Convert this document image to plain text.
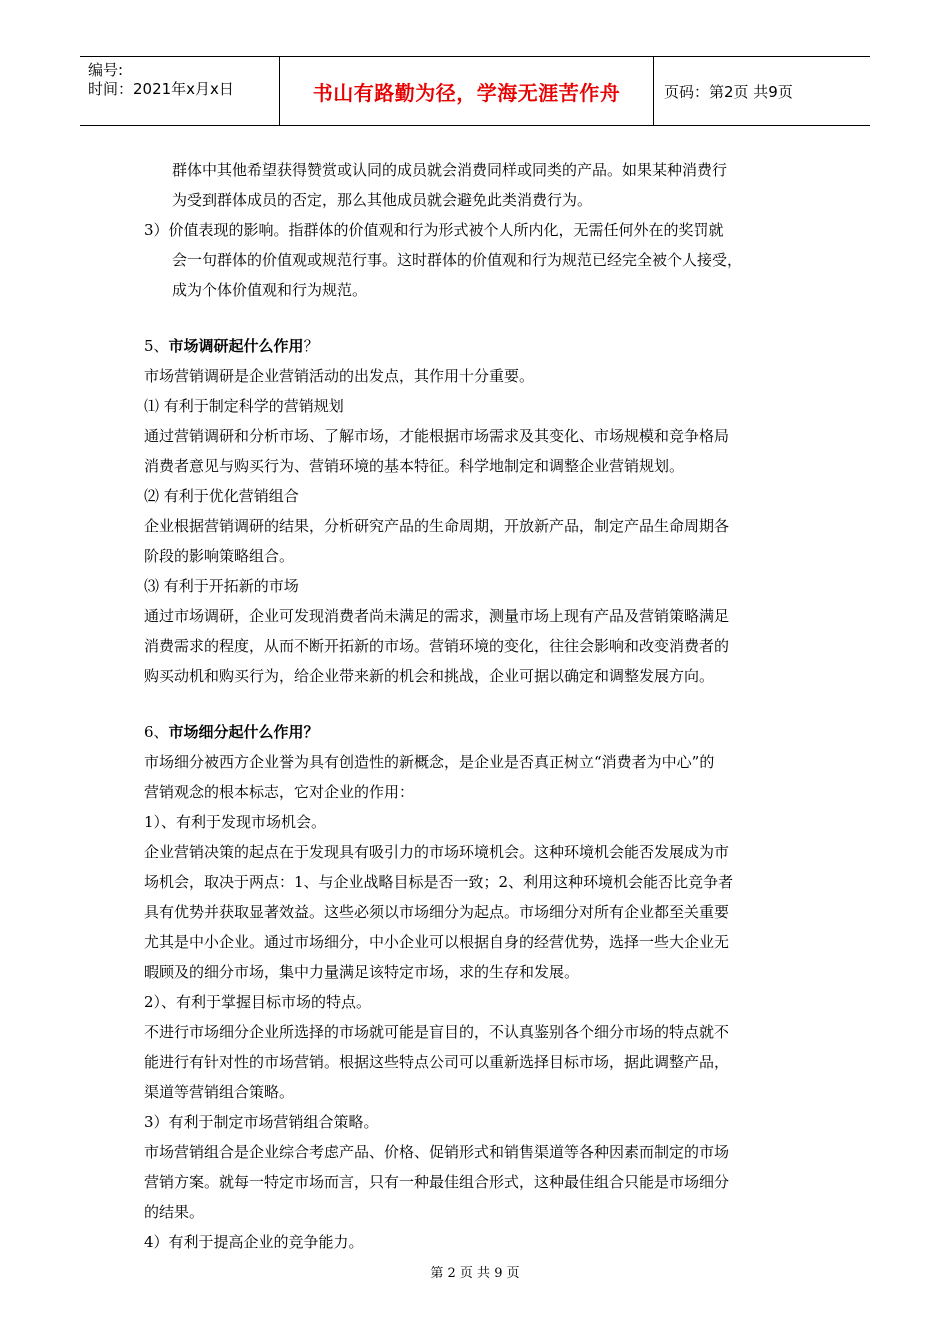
编号:
时间：2021年x月x日	书山有路勤为径，学海无涯苦作舟	页码：第2页 共9页

群体中其他希望获得赞赏或认同的成员就会消费同样或同类的产品。如果某种消费行

为受到群体成员的否定，那么其他成员就会避免此类消费行为。

3）价值表现的影响。指群体的价值观和行为形式被个人所内化，无需任何外在的奖罚就

会一句群体的价值观或规范行事。这时群体的价值观和行为规范已经完全被个人接受，

成为个体价值观和行为规范。

5、市场调研起什么作用？

市场营销调研是企业营销活动的出发点，其作用十分重要。

⑴ 有利于制定科学的营销规划

通过营销调研和分析市场、了解市场，才能根据市场需求及其变化、市场规模和竞争格局

消费者意见与购买行为、营销环境的基本特征。科学地制定和调整企业营销规划。

⑵ 有利于优化营销组合

企业根据营销调研的结果，分析研究产品的生命周期，开放新产品，制定产品生命周期各

阶段的影响策略组合。

⑶ 有利于开拓新的市场

通过市场调研，企业可发现消费者尚未满足的需求，测量市场上现有产品及营销策略满足

消费需求的程度，从而不断开拓新的市场。营销环境的变化，往往会影响和改变消费者的

购买动机和购买行为，给企业带来新的机会和挑战，企业可据以确定和调整发展方向。

6、市场细分起什么作用？

市场细分被西方企业誉为具有创造性的新概念，是企业是否真正树立“消费者为中心”的

营销观念的根本标志，它对企业的作用：

1）、有利于发现市场机会。

企业营销决策的起点在于发现具有吸引力的市场环境机会。这种环境机会能否发展成为市

场机会，取决于两点：1、与企业战略目标是否一致；2、利用这种环境机会能否比竞争者

具有优势并获取显著效益。这些必须以市场细分为起点。市场细分对所有企业都至关重要

尤其是中小企业。通过市场细分，中小企业可以根据自身的经营优势，选择一些大企业无

暇顾及的细分市场，集中力量满足该特定市场，求的生存和发展。

2）、有利于掌握目标市场的特点。

不进行市场细分企业所选择的市场就可能是盲目的，不认真鉴别各个细分市场的特点就不

能进行有针对性的市场营销。根据这些特点公司可以重新选择目标市场，据此调整产品，

渠道等营销组合策略。

3）有利于制定市场营销组合策略。

市场营销组合是企业综合考虑产品、价格、促销形式和销售渠道等各种因素而制定的市场

营销方案。就每一特定市场而言，只有一种最佳组合形式，这种最佳组合只能是市场细分

的结果。

4）有利于提高企业的竞争能力。

第 2 页 共 9 页
